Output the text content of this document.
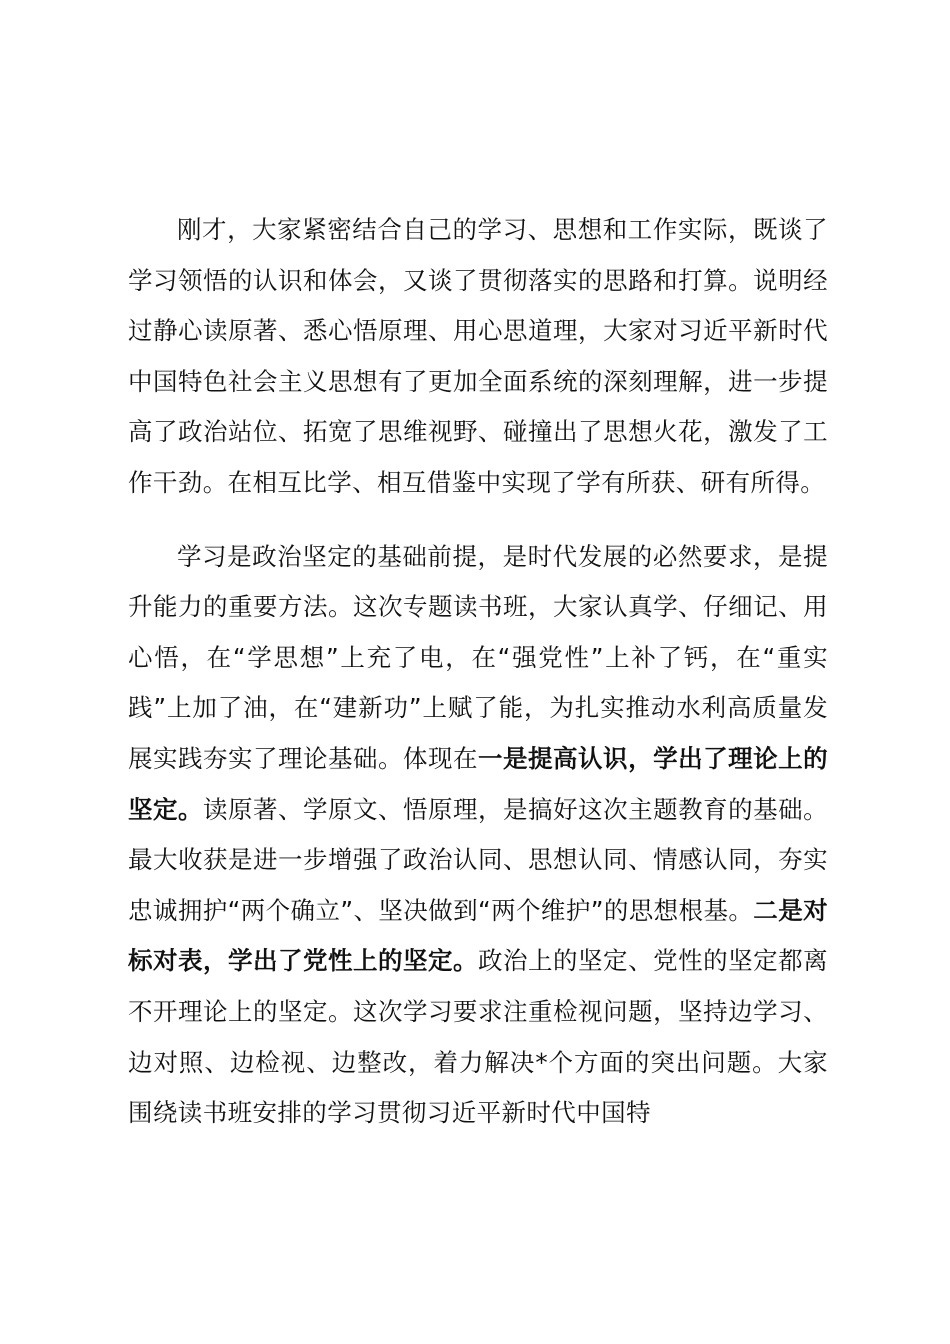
刚才，大家紧密结合自己的学习、思想和工作实际，既谈了学习领悟的认识和体会，又谈了贯彻落实的思路和打算。说明经过静心读原著、悉心悟原理、用心思道理，大家对习近平新时代中国特色社会主义思想有了更加全面系统的深刻理解，进一步提高了政治站位、拓宽了思维视野、碰撞出了思想火花，激发了工作干劲。在相互比学、相互借鉴中实现了学有所获、研有所得。

学习是政治坚定的基础前提，是时代发展的必然要求，是提升能力的重要方法。这次专题读书班，大家认真学、仔细记、用心悟，在“学思想”上充了电，在“强党性”上补了钙，在“重实践”上加了油，在“建新功”上赋了能，为扎实推动水利高质量发展实践夯实了理论基础。体现在一是提高认识，学出了理论上的坚定。读原著、学原文、悟原理，是搞好这次主题教育的基础。最大收获是进一步增强了政治认同、思想认同、情感认同，夯实忠诚拥护“两个确立”、坚决做到“两个维护”的思想根基。二是对标对表，学出了党性上的坚定。政治上的坚定、党性的坚定都离不开理论上的坚定。这次学习要求注重检视问题，坚持边学习、边对照、边检视、边整改，着力解决*个方面的突出问题。大家围绕读书班安排的学习贯彻习近平新时代中国特
